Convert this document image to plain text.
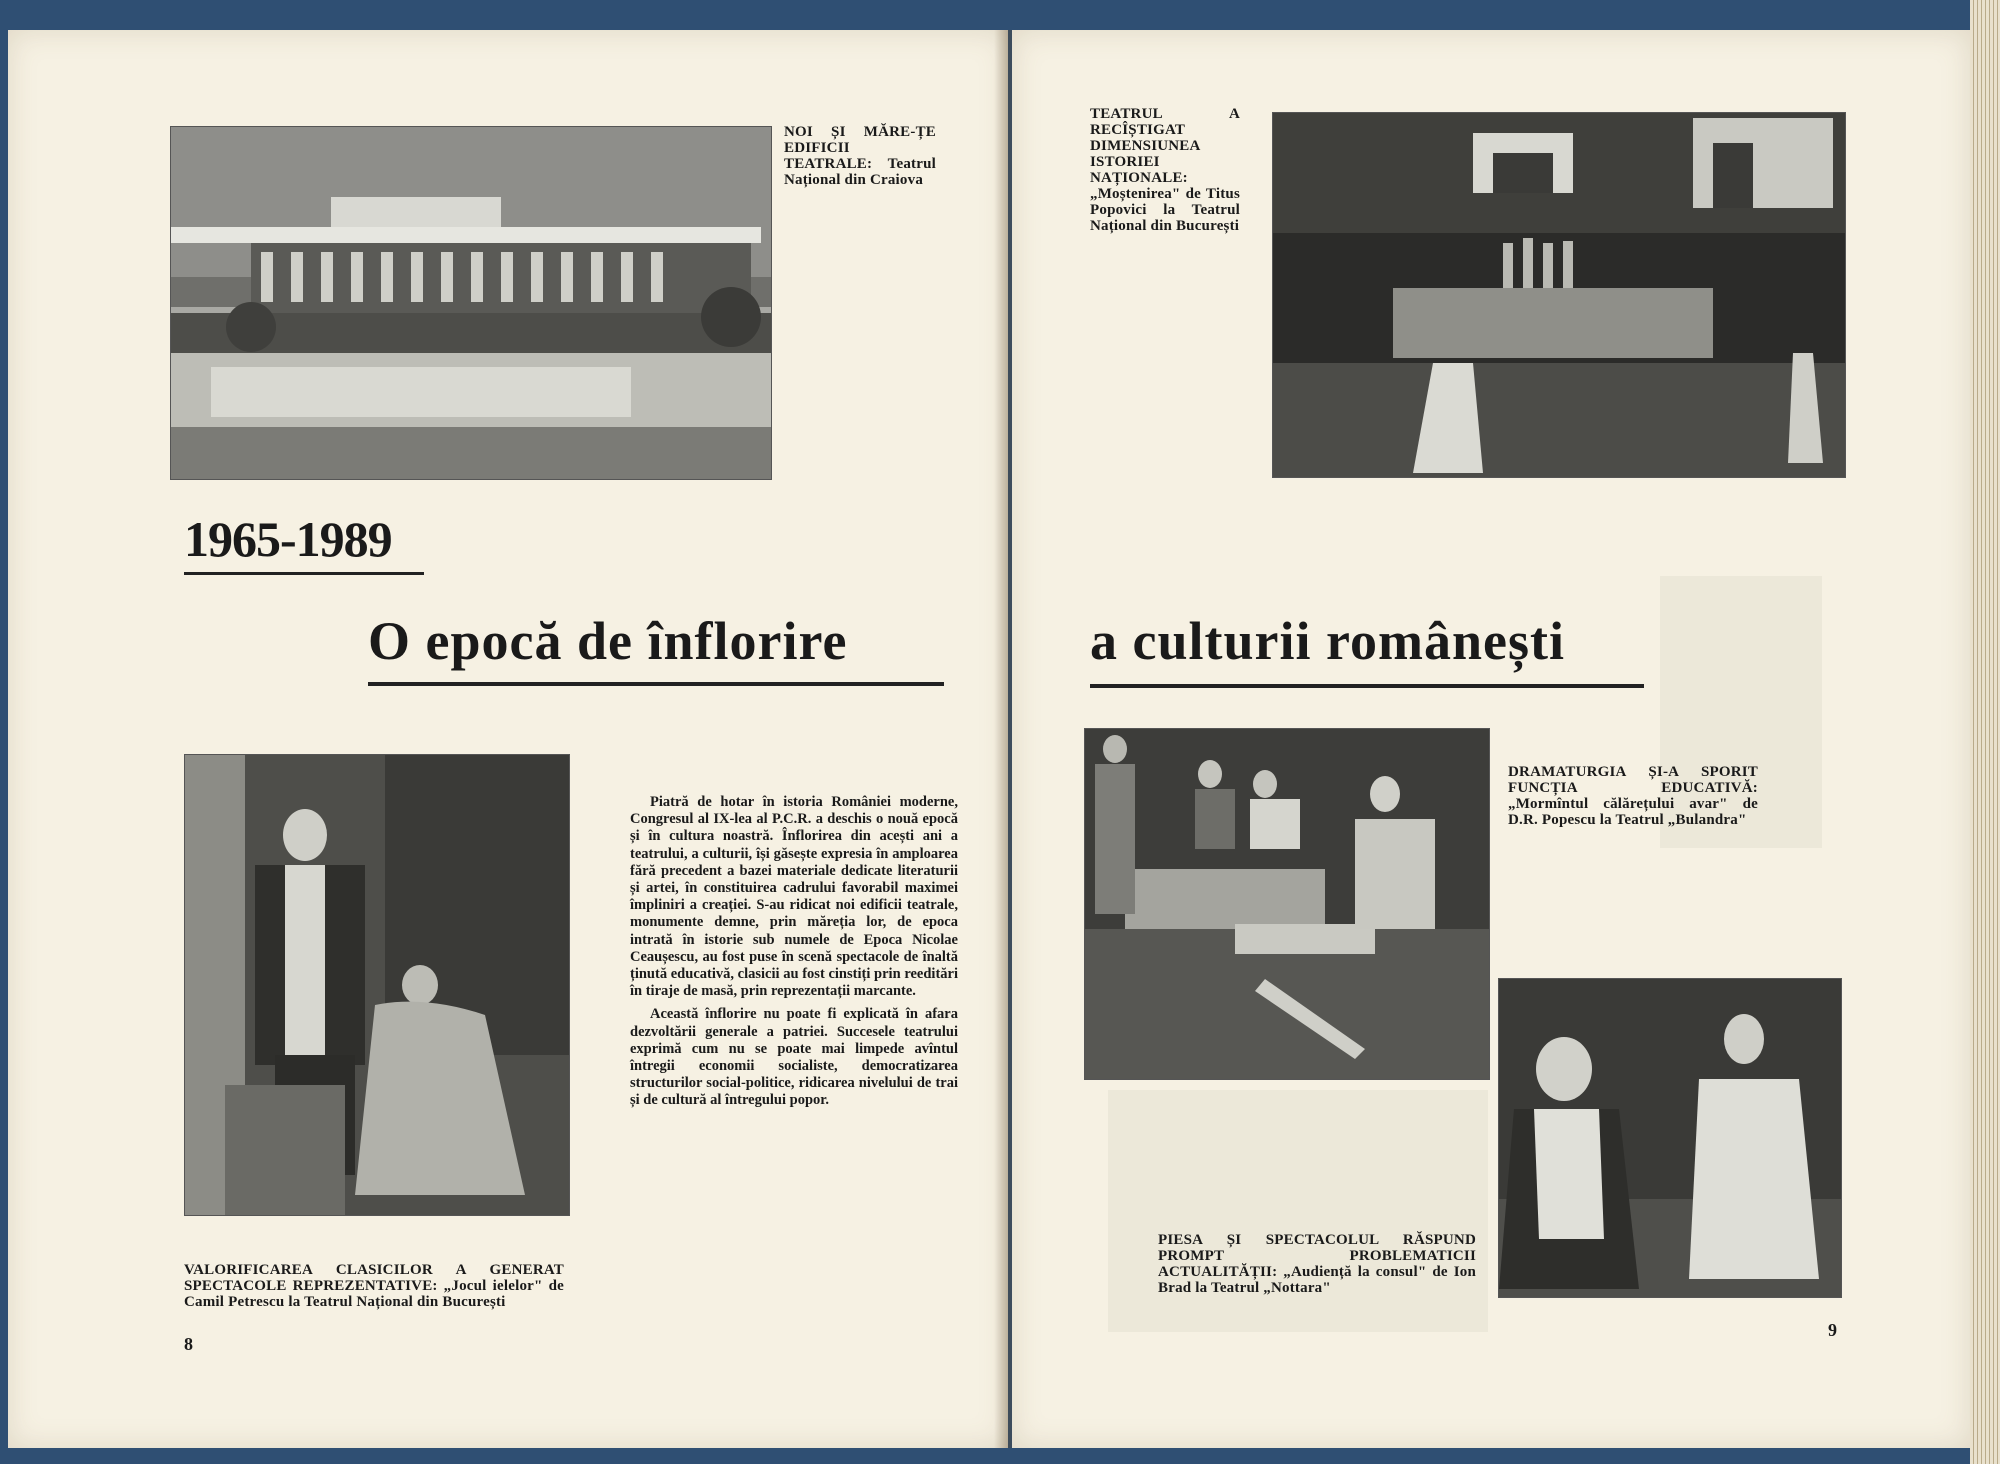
NOI ȘI MĂRE-ȚE EDIFICII TEATRALE: Teatrul Național din Craiova
1965-1989
O epocă de înflorire

Piatră de hotar în istoria României moderne, Congresul al IX-lea al P.C.R. a deschis o nouă epocă și în cultura noastră. Înflorirea din acești ani a teatrului, a culturii, își găsește expresia în amploarea fără precedent a bazei materiale dedicate literaturii și artei, în constituirea cadrului favorabil maximei împliniri a creației. S-au ridicat noi edificii teatrale, monumente demne, prin măreția lor, de epoca intrată în istorie sub numele de Epoca Nicolae Ceaușescu, au fost puse în scenă spectacole de înaltă ținută educativă, clasicii au fost cinstiți prin reeditări în tiraje de masă, prin reprezentații marcante.

Această înflorire nu poate fi explicată în afara dezvoltării generale a patriei. Succesele teatrului exprimă cum nu se poate mai limpede avîntul întregii economii socialiste, democratizarea structurilor social-politice, ridicarea nivelului de trai și de cultură al întregului popor.

VALORIFICAREA CLASICILOR A GENERAT SPECTACOLE REPREZENTATIVE: „Jocul ielelor" de Camil Petrescu la Teatrul Național din București
8
TEATRUL A RECÎȘTIGAT DIMENSIUNEA ISTORIEI NAȚIONALE: „Moștenirea" de Titus Popovici la Teatrul Național din București
a culturii românești
DRAMATURGIA ȘI-A SPORIT FUNCȚIA EDUCATIVĂ: „Mormîntul călărețului avar" de D.R. Popescu la Teatrul „Bulandra"
PIESA ȘI SPECTACOLUL RĂSPUND PROMPT PROBLEMATICII ACTUALITĂȚII: „Audiență la consul" de Ion Brad la Teatrul „Nottara"
9
